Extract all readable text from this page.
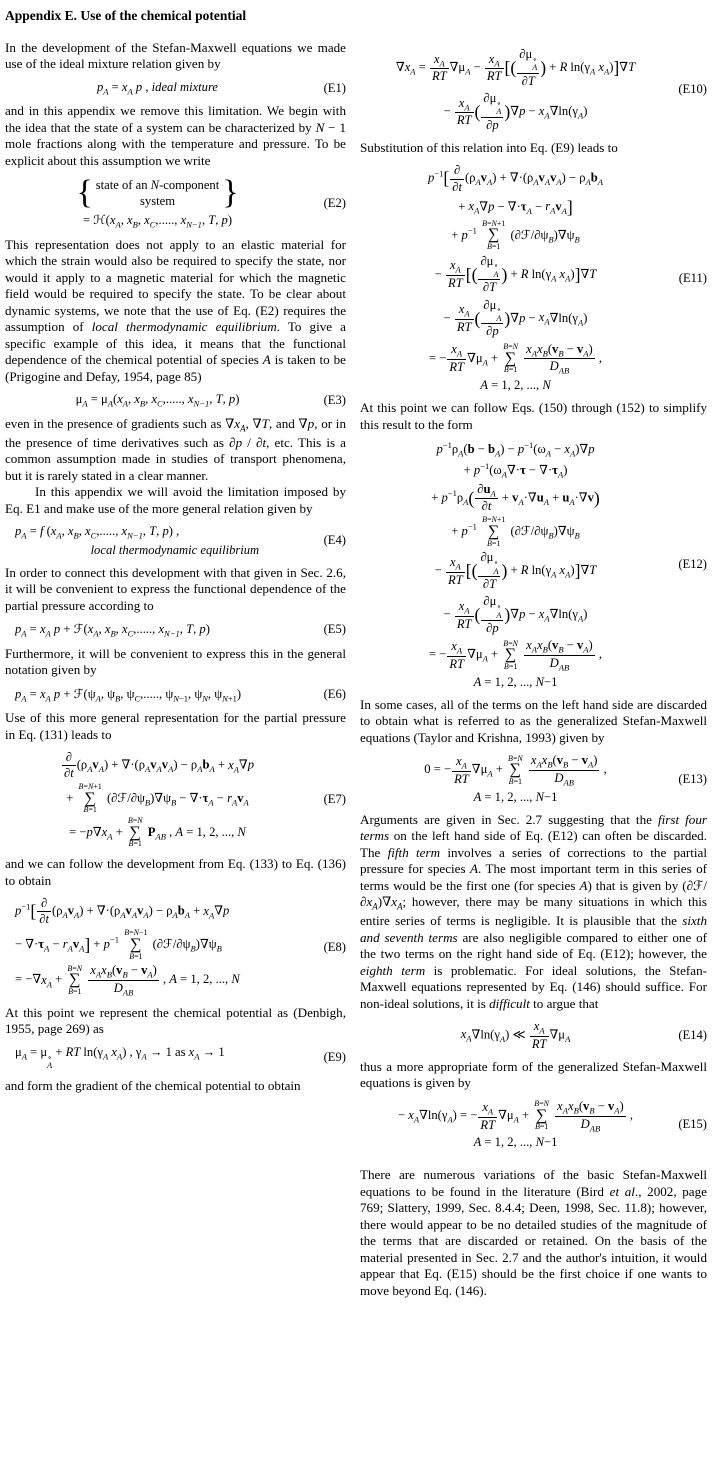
Appendix E. Use of the chemical potential
In the development of the Stefan-Maxwell equations we made use of the ideal mixture relation given by
$p_A = x_A$ p , ideal mixture	(E1)
and in this appendix we remove this limitation. We begin with the idea that the state of a system can be characterized by N − 1 mole fractions along with the temperature and pressure. To be explicit about this assumption we write
{ state of an N-component
system	}
= $ℋ(x_A$, $x_B$, $x_C$,....., $x_{N-1}$, T, p)
(E2)
This representation does not apply to an elastic material for which the strain would also be required to specify the state, nor would it apply to a magnetic material for which the magnetic field would be required to specify the state. To be clear about dynamic systems, we note that the use of Eq. (E2) requires the assumption of local thermodynamic equilibrium. To give a specific example of this idea, it means that the functional dependence of the chemical potential of species A is taken to be (Prigogine and Defay, 1954, page 85)
$\mu_A = \mu_A(x_A$, $x_B$, $x_C$,....., $x_{N-1}$, T, p)	(E3)
even in the presence of gradients such as $\nabla x_A$, ∇T, and ∇p, or in the presence of time derivatives such as ∂p / ∂t, etc. This is a common assumption made in studies of transport phenomena, but it is rarely stated in a clear manner.
In this appendix we will avoid the limitation imposed by Eq. E1 and make use of the more general relation given by
$p_A = f$ ($x_A$, $x_B$, $x_C$,....., $x_{N-1}$, T, p) ,
      local thermodynamic equilibrium
(E4)
In order to connect this development with that given in Sec. 2.6, it will be convenient to express the functional dependence of the partial pressure according to
$p_A = x_A$ $p + ℱ(x_A$, $x_B$, $x_C$,....., $x_{N-1}$, T, p)	(E5)
Furthermore, it will be convenient to express this in the general notation given by
$p_A = x_A$ $p + ℱ(\psi_A$, $\psi_B$, $\psi_C$,....., $\psi_{N-1}$, $\psi_N$, $\psi_{N+1}$)	(E6)
Use of this more general representation for the partial pressure in Eq. (131) leads to
∂
∂t
$(\rho_Av_A) + \nabla\cdot(\rho_Av_Av_A) - \rho_Ab_A + x_A\nabla p$
+
B=N+1
∑
B=1
$(\partial ℱ/\partial\psi_B)\nabla\psi_B - \nabla\cdot\tau_A - r_Av_A$
= $-p\nabla x_A$ +
B=N
∑
B=1
$P_{AB}$ , A = 1, 2, ..., N
(E7)
and we can follow the development from Eq. (133) to Eq. (136) to obtain
$p^{-1}$[ ∂
∂t
$(\rho_Av_A) + \nabla\cdot(\rho_Av_Av_A) - \rho_Ab_A + x_A\nabla p$
− $\nabla\cdot\tau_A - r_Av_A] + p^{-1}$
B=N−1
∑
B=1
$(\partial ℱ/\partial\psi_B)\nabla\psi_B$
= $-\nabla x_A$ +
B=N
∑
B=1

$x_Ax_B(v_B - v_A)$
$D_{AB}$
, A = 1, 2, ..., N
(E8)
At this point we represent the chemical potential as (Denbigh, 1955, page 269) as
$\mu_A = \mu$ ∘
A
+ RT $\ln(\gamma_A$ $x_A$) , $\gamma_A \to 1$ as $x_A \to 1$	(E9)
and form the gradient of the chemical potential to obtain
$\nabla x_A = \frac{x_A}{RT} \nabla\mu_A - \frac{x_A}{RT}$ [( ∂μ ∘
A
∂T ) + R $\ln(\gamma_A$ $x_A)]\nabla T$
− $\frac{x_A}{RT}$ ( ∂μ ∘
A
∂p )$\nabla p - x_A\nabla\ln(\gamma_A)$
(E10)
Substitution of this relation into Eq. (E9) leads to
$p^{-1}$[ ∂
∂t
$(\rho_Av_A) + \nabla\cdot(\rho_Av_Av_A) - \rho_Ab_A$
+ $x_A\nabla p - \nabla\cdot\tau_A - r_Av_A$]
+ $p^{-1}$
B=N+1
∑
B=1
$(\partial ℱ/\partial\psi_B)\nabla\psi_B$
− $\frac{x_A}{RT}$ [( ∂μ ∘
A
∂T ) + R $\ln(\gamma_A$ $x_A)]\nabla T$
− $\frac{x_A}{RT}$ ( ∂μ ∘
A
∂p )$\nabla p - x_A\nabla\ln(\gamma_A)$
= − $\frac{x_A}{RT} \nabla\mu_A$ +
B=N
∑
B=1

$x_Ax_B(v_B - v_A)$
$D_{AB}$
,
A = 1, 2, ..., N
(E11)
At this point we can follow Eqs. (150) through (152) to simplify this result to the form
$p^{-1}\rho_A(b - b_A) - p^{-1}(\omega_A - x_A)\nabla p$
+ $p^{-1}(\omega_A\nabla\cdot\tau - \nabla\cdot\tau_A)$
+ $p^{-1}\rho_A( \frac{\partial u_A}{\partial t} + v_A\cdot\nabla u_A + u_A\cdot\nabla v)$
+ $p^{-1}$
B=N+1
∑
B=1
$(\partial ℱ/\partial\psi_B)\nabla\psi_B$
− $\frac{x_A}{RT}$ [( ∂μ ∘
A
∂T ) + R $\ln(\gamma_A$ $x_A)]\nabla T$
− $\frac{x_A}{RT}$ ( ∂μ ∘
A
∂p )$\nabla p - x_A\nabla\ln(\gamma_A)$
= − $\frac{x_A}{RT} \nabla\mu_A$ +
B=N
∑
B=1

$x_Ax_B(v_B - v_A)$
$D_{AB}$
,
A = 1, 2, ..., N−1
(E12)
In some cases, all of the terms on the left hand side are discarded to obtain what is referred to as the generalized Stefan-Maxwell equations (Taylor and Krishna, 1993) given by
0 = − $\frac{x_A}{RT} \nabla\mu_A$ +
B=N
∑
B=1

$x_Ax_B(v_B - v_A)$
$D_{AB}$
,
A = 1, 2, ..., N−1
(E13)
Arguments are given in Sec. 2.7 suggesting that the first four terms on the left hand side of Eq. (E12) can often be discarded. The fifth term involves a series of corrections to the partial pressure for species A. The most important term in this series of terms would be the first one (for species A) that is given by $(\partial ℱ/\partial x_A)\nabla x_A$; however, there may be many situations in which this entire series of terms is negligible. It is plausible that the sixth and seventh terms are also negligible compared to either one of the two terms on the right hand side of Eq. (E12); however, the eighth term is problematic. For ideal solutions, the Stefan-Maxwell equations represented by Eq. (146) should suffice. For non-ideal solutions, it is difficult to argue that
$x_A\nabla\ln(\gamma_A)$ ≪ $\frac{x_A}{RT} \nabla\mu_A$	(E14)
thus a more appropriate form of the generalized Stefan-Maxwell equations is given by
− $x_A\nabla\ln(\gamma_A)$ = − $\frac{x_A}{RT} \nabla\mu_A$ +
B=N
∑
B=1

$x_Ax_B(v_B - v_A)$
$D_{AB}$
,
A = 1, 2, ..., N−1
(E15)
There are numerous variations of the basic Stefan-Maxwell equations to be found in the literature (Bird et al., 2002, page 769; Slattery, 1999, Sec. 8.4.4; Deen, 1998, Sec. 11.8); however, there would appear to be no detailed studies of the magnitude of the terms that are discarded or retained. On the basis of the material presented in Sec. 2.7 and the author's intuition, it would appear that Eq. (E15) should be the first choice if one wants to move beyond Eq. (146).
